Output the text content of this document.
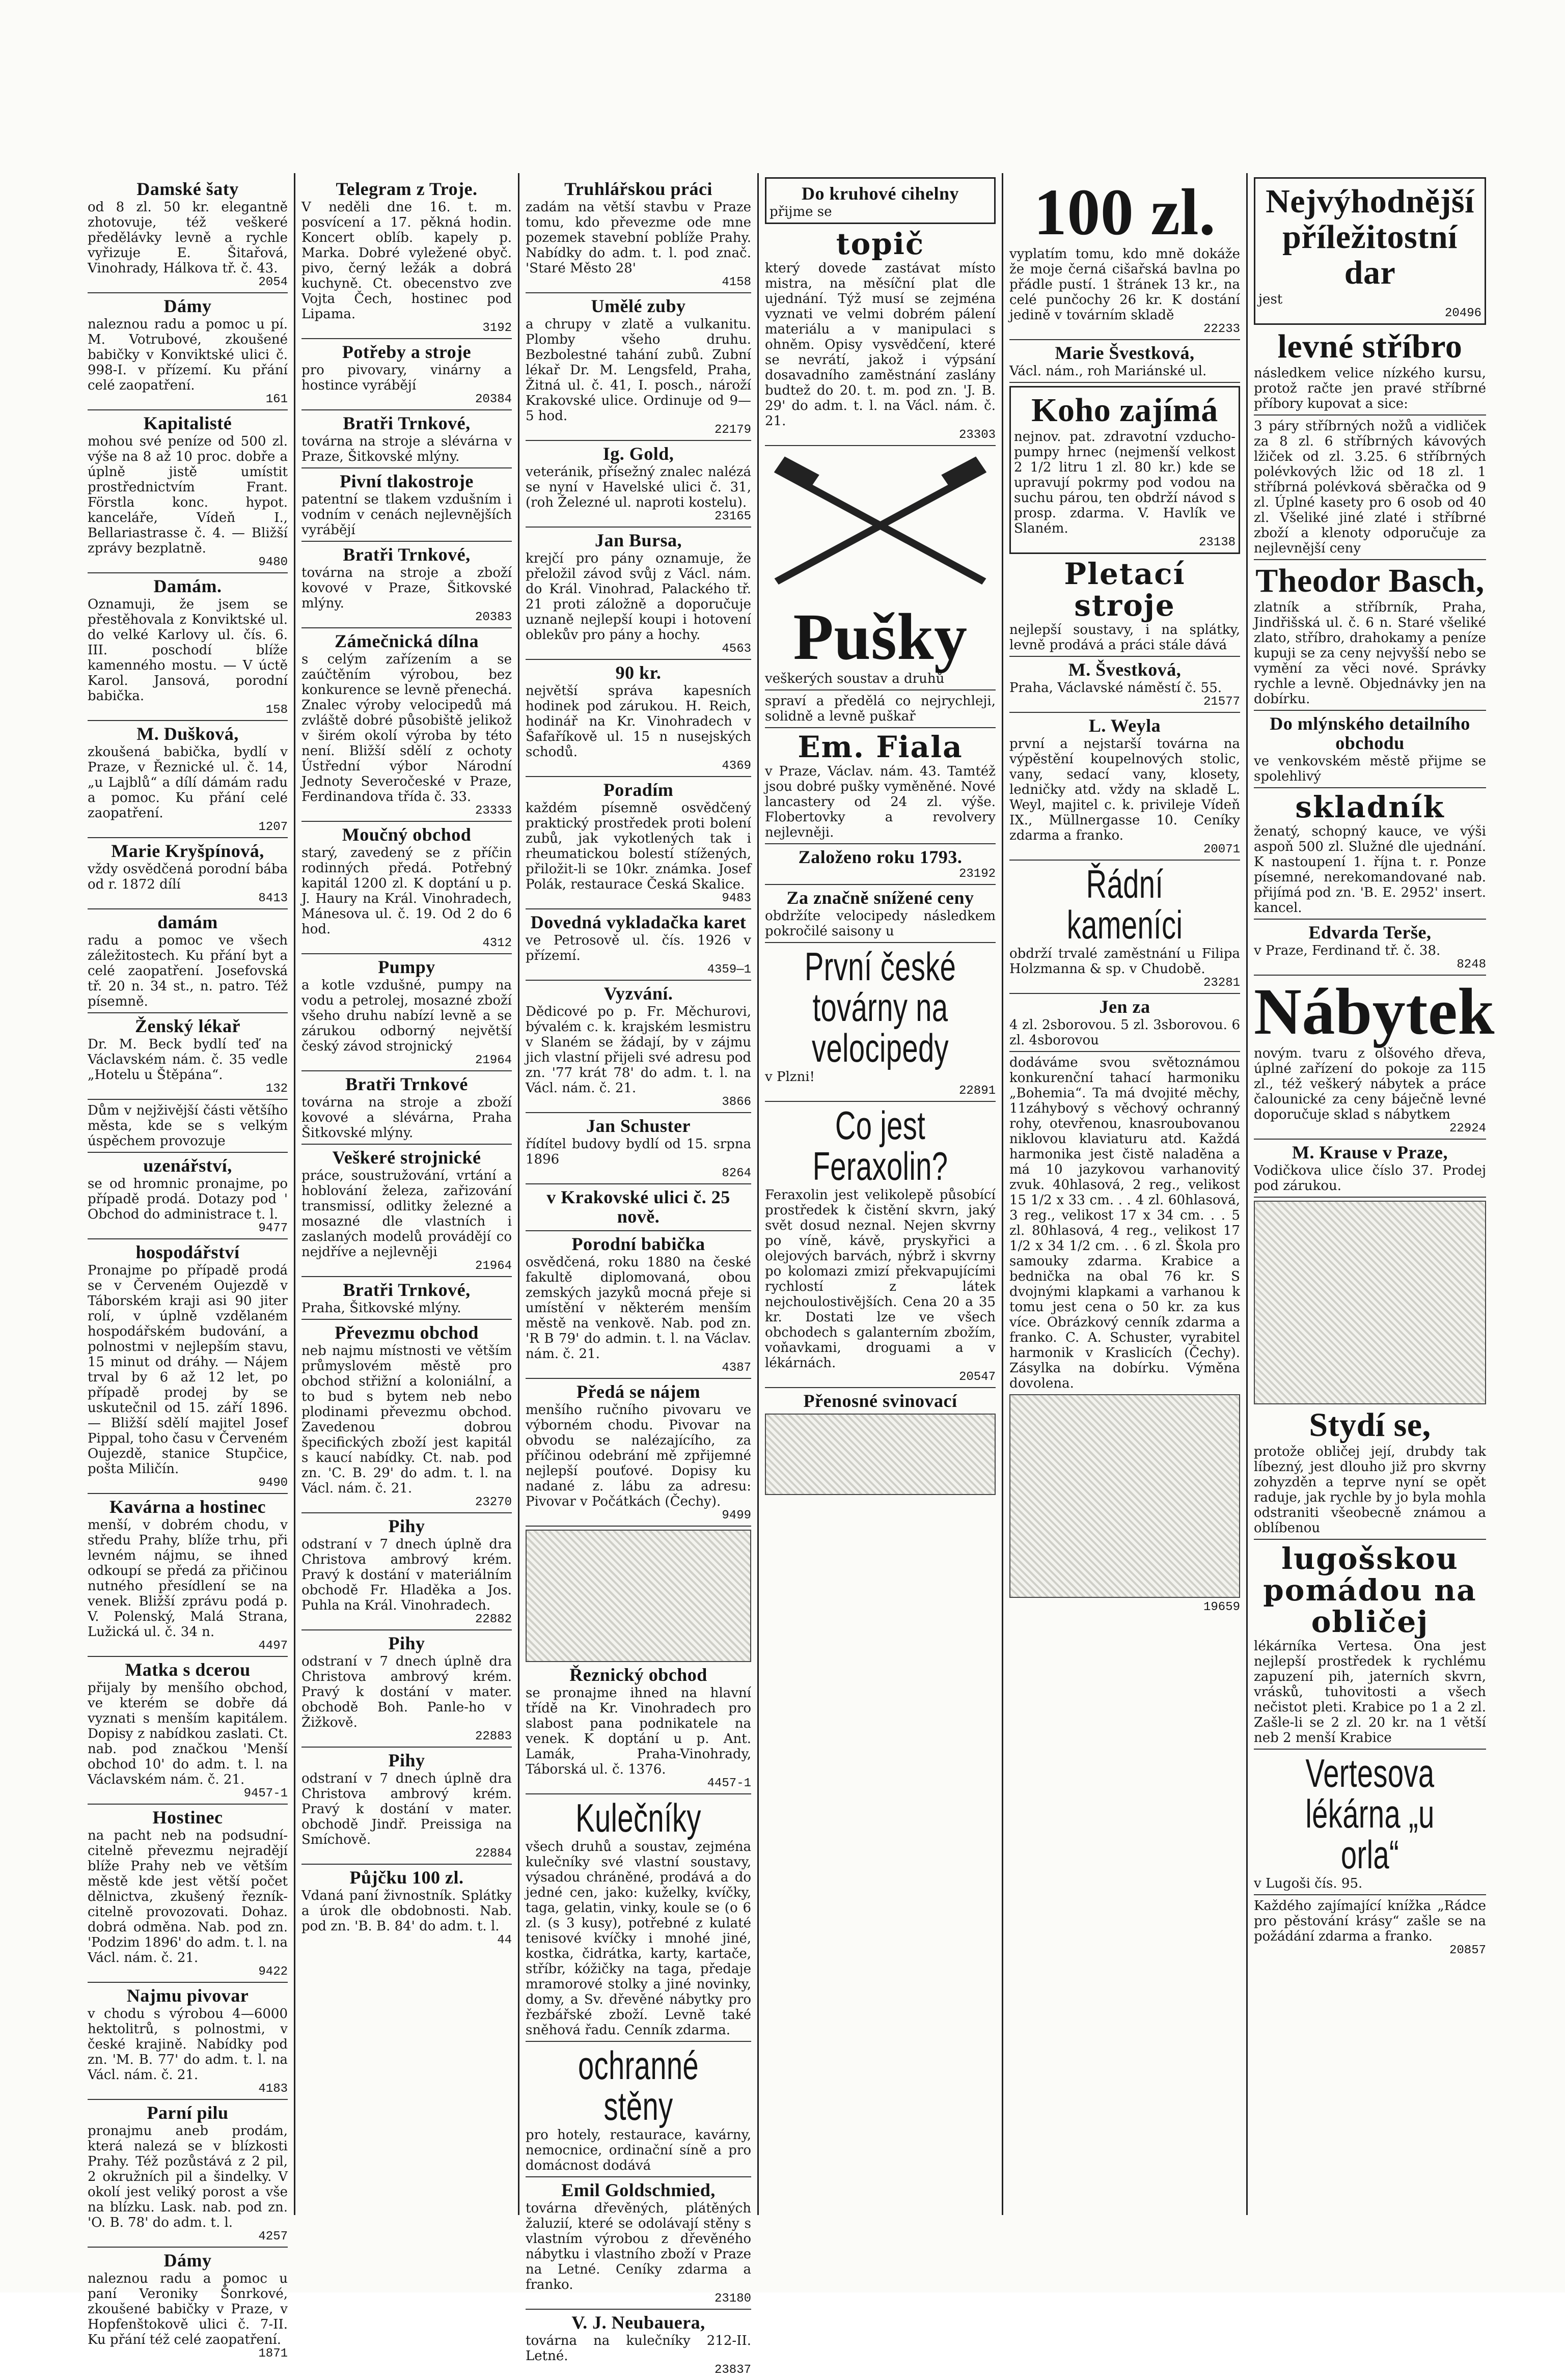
Damské šaty

od 8 zl. 50 kr. elegantně zhotovuje, též veškeré předělávky levně a rychle vyřizuje E. Šitařová, Vinohrady, Hálkova tř. č. 43.

2054
Dámy

naleznou radu a pomoc u pí. M. Votrubové, zkoušené babičky v Konviktské ulici č. 998-I. v přízemí. Ku přání celé zaopatření.

161
Kapitalisté

mohou své peníze od 500 zl. výše na 8 až 10 proc. dobře a úplně jistě umístit prostřednictvím Frant. Förstla konc. hypot. kanceláře, Vídeň I., Bellariastrasse č. 4. — Bližší zprávy bezplatně.

9480
Damám.

Oznamuji, že jsem se přestěhovala z Konviktské ul. do velké Karlovy ul. čís. 6. III. poschodí blíže kamenného mostu. — V úctě Karol. Jansová, porodní babička.

158
M. Dušková,

zkoušená babička, bydlí v Praze, v Řeznické ul. č. 14, „u Lajblů“ a dílí dámám radu a pomoc. Ku přání celé zaopatření.

1207
Marie Kryšpínová,

vždy osvědčená porodní bába od r. 1872 dílí

8413
damám

radu a pomoc ve všech záležitostech. Ku přání byt a celé zaopatření. Josefovská tř. 20 n. 34 st., n. patro. Též písemně.

Ženský lékař

Dr. M. Beck bydlí teď na Václavském nám. č. 35 vedle „Hotelu u Štěpána“.

132

Dům v nejživější části většího města, kde se s velkým úspěchem provozuje

uzenářství,

se od hromnic pronajme, po případě prodá. Dotazy pod ' Obchod do administrace t. l.

9477
hospodářství

Pronajme po případě prodá se v Červeném Oujezdě v Táborském kraji asi 90 jiter rolí, v úplně vzdělaném hospodářském budování, a polnostmi v nejlepším stavu, 15 minut od dráhy. — Nájem trval by 6 až 12 let, po případě prodej by se uskutečnil od 15. září 1896. — Bližší sdělí majitel Josef Pippal, toho času v Červeném Oujezdě, stanice Stupčice, pošta Miličín.

9490
Kavárna a hostinec

menší, v dobrém chodu, v středu Prahy, blíže trhu, při levném nájmu, se ihned odkoupí se předá za přičinou nutného přesídlení se na venek. Bližší zprávu podá p. V. Polenský, Malá Strana, Lužická ul. č. 34 n.

4497
Matka s dcerou

přijaly by menšího obchod, ve kterém se dobře dá vyznati s menším kapitálem. Dopisy z nabídkou zaslati. Ct. nab. pod značkou 'Menší obchod 10' do adm. t. l. na Václavském nám. č. 21.

9457-1
Hostinec

na pacht neb na podsudní-citelně převezmu nejradějí blíže Prahy neb ve větším městě kde jest větší počet dělnictva, zkušený řezník-citelně provozovati. Dohaz. dobrá odměna. Nab. pod zn. 'Podzim 1896' do adm. t. l. na Václ. nám. č. 21.

9422
Najmu pivovar

v chodu s výrobou 4—6000 hektolitrů, s polnostmi, v české krajině. Nabídky pod zn. 'M. B. 77' do adm. t. l. na Václ. nám. č. 21.

4183
Parní pilu

pronajmu aneb prodám, která nalezá se v blízkosti Prahy. Též pozůstává z 2 pil, 2 okružních pil a šindelky. V okolí jest veliký porost a vše na blízku. Lask. nab. pod zn. 'O. B. 78' do adm. t. l.

4257
Dámy

naleznou radu a pomoc u paní Veroniky Šonrkové, zkoušené babičky v Praze, v Hopfenštokově ulici č. 7-II. Ku přání též celé zaopatření.

1871
Telegram z Troje.

V neděli dne 16. t. m. posvícení a 17. pěkná hodin. Koncert oblíb. kapely p. Marka. Dobré vyležené obyč. pivo, černý ležák a dobrá kuchyně. Ct. obecenstvo zve Vojta Čech, hostinec pod Lipama.

3192
Potřeby a stroje

pro pivovary, vinárny a hostince vyrábějí

20384
Bratři Trnkové,

továrna na stroje a slévárna v Praze, Šitkovské mlýny.

Pivní tlakostroje

patentní se tlakem vzdušním i vodním v cenách nejlevnějších vyrábějí

Bratři Trnkové,

továrna na stroje a zboží kovové v Praze, Šitkovské mlýny.

20383
Zámečnická dílna

s celým zařízením a se zaúčtěním výrobou, bez konkurence se levně přenechá. Znalec výroby velocipedů má zvláště dobré působiště jelikož v širém okolí výroba by této není. Bližší sdělí z ochoty Ústřední výbor Národní Jednoty Severočeské v Praze, Ferdinandova třída č. 33.

23333
Moučný obchod

starý, zavedený se z příčin rodinných předá. Potřebný kapitál 1200 zl. K doptání u p. J. Haury na Král. Vinohradech, Mánesova ul. č. 19. Od 2 do 6 hod.

4312
Pumpy

a kotle vzdušné, pumpy na vodu a petrolej, mosazné zboží všeho druhu nabízí levně a se zárukou odborný největší český závod strojnický

21964
Bratři Trnkové

továrna na stroje a zboží kovové a slévárna, Praha Šitkovské mlýny.

Veškeré strojnické

práce, soustružování, vrtání a hoblování železa, zařizování transmissí, odlitky železné a mosazné dle vlastních i zaslaných modelů provádějí co nejdříve a nejlevněji

21964
Bratři Trnkové,

Praha, Šitkovské mlýny.

Převezmu obchod

neb najmu místnosti ve větším průmyslovém městě pro obchod střižní a koloniální, a to bud s bytem neb nebo plodinami převezmu obchod. Zavedenou dobrou špecifických zboží jest kapitál s kaucí nabídky. Ct. nab. pod zn. 'C. B. 29' do adm. t. l. na Václ. nám. č. 21.

23270
Pihy

odstraní v 7 dnech úplně dra Christova ambrový krém. Pravý k dostání v materiálním obchodě Fr. Hladěka a Jos. Puhla na Král. Vinohradech.

22882
Pihy

odstraní v 7 dnech úplně dra Christova ambrový krém. Pravý k dostání v mater. obchodě Boh. Panle-ho v Žižkově.

22883
Pihy

odstraní v 7 dnech úplně dra Christova ambrový krém. Pravý k dostání v mater. obchodě Jindř. Preissiga na Smíchově.

22884
Půjčku 100 zl.

Vdaná paní živnostník. Splátky a úrok dle obdobnosti. Nab. pod zn. 'B. B. 84' do adm. t. l.

44
Truhlářskou práci

zadám na větší stavbu v Praze tomu, kdo převezme ode mne pozemek stavební poblíže Prahy. Nabídky do adm. t. l. pod znač. 'Staré Město 28'

4158
Umělé zuby

a chrupy v zlatě a vulkanitu. Plomby všeho druhu. Bezbolestné tahání zubů. Zubní lékař Dr. M. Lengsfeld, Praha, Žitná ul. č. 41, I. posch., nároží Krakovské ulice. Ordinuje od 9—5 hod.

22179
Ig. Gold,

veteránik, přísežný znalec nalézá se nyní v Havelské ulici č. 31, (roh Železné ul. naproti kostelu).

23165
Jan Bursa,

krejčí pro pány oznamuje, že přeložil závod svůj z Václ. nám. do Král. Vinohrad, Palackého tř. 21 proti záložně a doporučuje uznaně nejlepší koupi i hotovení oblekův pro pány a hochy.

4563
90 kr.

největší správa kapesních hodinek pod zárukou. H. Reich, hodinář na Kr. Vinohradech v Šafaříkově ul. 15 n nusejských schodů.

4369
Poradím

každém písemně osvědčený praktický prostředek proti bolení zubů, jak vykotlených tak i rheumatickou bolestí stížených, přiložit-li se 10kr. známka. Josef Polák, restaurace Česká Skalice.

9483
Dovedná vykladačka karet

ve Petrosově ul. čís. 1926 v přízemí.

4359—1
Vyzvání.

Dědicové po p. Fr. Měchurovi, bývalém c. k. krajském lesmistru v Slaném se žádají, by v zájmu jich vlastní přijeli své adresu pod zn. '77 krát 78' do adm. t. l. na Václ. nám. č. 21.

3866
Jan Schuster

řídítel budovy bydlí od 15. srpna 1896

8264
v Krakovské ulici č. 25 nově.
Porodní babička

osvědčená, roku 1880 na české fakultě diplomovaná, obou zemských jazyků mocná přeje si umístění v některém menším městě na venkově. Nab. pod zn. 'R B 79' do admin. t. l. na Václav. nám. č. 21.

4387
Předá se nájem

menšího ručního pivovaru ve výborném chodu. Pivovar na obvodu se nalézajícího, za příčinou odebrání mě zpřijemné nejlepší pouťové. Dopisy ku nadané z. lábu za adresu: Pivovar v Počátkách (Čechy).

9499
Řeznický obchod

se pronajme ihned na hlavní třídě na Kr. Vinohradech pro slabost pana podnikatele na venek. K doptání u p. Ant. Lamák, Praha-Vinohrady, Táborská ul. č. 1376.

4457-1
Kulečníky

všech druhů a soustav, zejména kulečníky své vlastní soustavy, výsadou chráněné, prodává a do jedné cen, jako: kuželky, kvíčky, taga, gelatin, vinky, koule se (o 6 zl. (s 3 kusy), potřebné z kulaté tenisové kvíčky i mnohé jiné, kostka, čidrátka, karty, kartače, stříbr, kóžičky na taga, předaje mramorové stolky a jiné novinky, domy, a Sv. dřevěné nábytky pro řezbářské zboží. Levně také sněhová řadu. Cenník zdarma.

ochranné stěny

pro hotely, restaurace, kavárny, nemocnice, ordinační síně a pro domácnost dodává

Emil Goldschmied,

továrna dřevěných, plátěných žaluzií, které se odolávají stěny s vlastním výrobou z dřevěného nábytku i vlastního zboží v Praze na Letné. Ceníky zdarma a franko.

23180
V. J. Neubauera,

továrna na kulečníky 212-II. Letné.

23837
Do kruhové cihelny

přijme se

topič

který dovede zastávat místo mistra, na měsíční plat dle ujednání. Týž musí se zejména vyznati ve velmi dobrém pálení materiálu a v manipulaci s ohněm. Opisy vysvědčení, které se nevrátí, jakož i výpsání dosavadního zaměstnání zaslány budtež do 20. t. m. pod zn. 'J. B. 29' do adm. t. l. na Václ. nám. č. 21.

23303
Pušky

veškerých soustav a druhů

spraví a předělá co nejrychleji, solidně a levně puškař

Em. Fiala

v Praze, Václav. nám. 43. Tamtéž jsou dobré pušky vyměněné. Nové lancastery od 24 zl. výše. Flobertovky a revolvery nejlevněji.

Založeno roku 1793.
23192
Za značně snížené ceny

obdržíte velocipedy následkem pokročilé saisony u

První české továrny na velocipedy

v Plzni!

22891
Co jest Feraxolin?

Feraxolin jest velikolepě působící prostředek k čistění skvrn, jaký svět dosud neznal. Nejen skvrny po víně, kávě, pryskyřici a olejových barvách, nýbrž i skvrny po kolomazi zmizí překvapujícími rychlostí z látek nejchoulostivějších. Cena 20 a 35 kr. Dostati lze ve všech obchodech s galanterním zbožím, voňavkami, droguami a v lékárnách.

20547
Přenosné svinovací
100 zl.

vyplatím tomu, kdo mně dokáže že moje černá cišařská bavlna po přádle pustí. 1 štránek 13 kr., na celé punčochy 26 kr. K dostání jedině v továrním skladě

22233
Marie Švestková,

Václ. nám., roh Mariánské ul.

Koho zajímá

nejnov. pat. zdravotní vzducho-pumpy hrnec (nejmenší velkost 2 1/2 litru 1 zl. 80 kr.) kde se upravují pokrmy pod vodou na suchu párou, ten obdrží návod s prosp. zdarma. V. Havlík ve Slaném.

23138
Pletací stroje

nejlepší soustavy, i na splátky, levně prodává a práci stále dává

M. Švestková,

Praha, Václavské náměstí č. 55.

21577
L. Weyla

první a nejstarší továrna na výpěstění koupelnových stolic, vany, sedací vany, klosety, ledničky atd. vždy na skladě L. Weyl, majitel c. k. privileje Vídeň IX., Müllnergasse 10. Ceníky zdarma a franko.

20071
Řádní kameníci

obdrží trvalé zaměstnání u Filipa Holzmanna & sp. v Chudobě.

23281
Jen za

4 zl. 2sborovou. 5 zl. 3sborovou. 6 zl. 4sborovou

dodáváme svou světoznámou konkurenční tahací harmoniku „Bohemia“. Ta má dvojité měchy, 11záhybový s věchový ochranný rohy, otevřenou, knasroubovanou niklovou klaviaturu atd. Každá harmonika jest čistě naladěna a má 10 jazykovou varhanovitý zvuk. 40hlasová, 2 reg., velikost 15 1/2 x 33 cm. . . 4 zl. 60hlasová, 3 reg., velikost 17 x 34 cm. . . 5 zl. 80hlasová, 4 reg., velikost 17 1/2 x 34 1/2 cm. . . 6 zl. Škola pro samouky zdarma. Krabice a bednička na obal 76 kr. S dvojnými klapkami a varhanou k tomu jest cena o 50 kr. za kus více. Obrázkový cenník zdarma a franko. C. A. Schuster, vyrabitel harmonik v Kraslicích (Čechy). Zásylka na dobírku. Výměna dovolena.

19659
Nejvýhodnější příležitostní dar

jest

20496
levné stříbro

následkem velice nízkého kursu, protož račte jen pravé stříbrné příbory kupovat a sice:

3 páry stříbrných nožů a vidliček za 8 zl. 6 stříbrných kávových lžiček od zl. 3.25. 6 stříbrných polévkových lžic od 18 zl. 1 stříbrná polévková sběračka od 9 zl. Úplné kasety pro 6 osob od 40 zl. Všeliké jiné zlaté i stříbrné zboží a klenoty odporučuje za nejlevnější ceny

Theodor Basch,

zlatník a stříbrník, Praha, Jindřišská ul. č. 6 n. Staré všeliké zlato, stříbro, drahokamy a peníze kupuji se za ceny nejvyšší nebo se vymění za věci nové. Správky rychle a levně. Objednávky jen na dobírku.

Do mlýnského detailního obchodu

ve venkovském městě přijme se spolehlivý

skladník

ženatý, schopný kauce, ve výši aspoň 500 zl. Služné dle ujednání. K nastoupení 1. října t. r. Ponze písemné, nerekomandované nab. přijímá pod zn. 'B. E. 2952' insert. kancel.

Edvarda Terše,

v Praze, Ferdinand tř. č. 38.

8248
Nábytek

novým. tvaru z olšového dřeva, úplné zařízení do pokoje za 115 zl., též veškerý nábytek a práce čalounické za ceny báječně levné doporučuje sklad s nábytkem

22924
M. Krause v Praze,

Vodičkova ulice číslo 37. Prodej pod zárukou.

Stydí se,

protože obličej její, drubdy tak líbezný, jest dlouho již pro skvrny zohyzděn a teprve nyní se opět raduje, jak rychle by jo byla mohla odstraniti všeobecně známou a oblíbenou

lugošskou pomádou na obličej

lékárníka Vertesa. Ona jest nejlepší prostředek k rychlému zapuzení pih, jaterních skvrn, vrásků, tuhovitosti a všech nečistot pleti. Krabice po 1 a 2 zl. Zašle-li se 2 zl. 20 kr. na 1 větší neb 2 menší Krabice

Vertesova lékárna „u orla“

v Lugoši čís. 95.

Každého zajímající knížka „Rádce pro pěstování krásy“ zašle se na požádání zdarma a franko.

20857
